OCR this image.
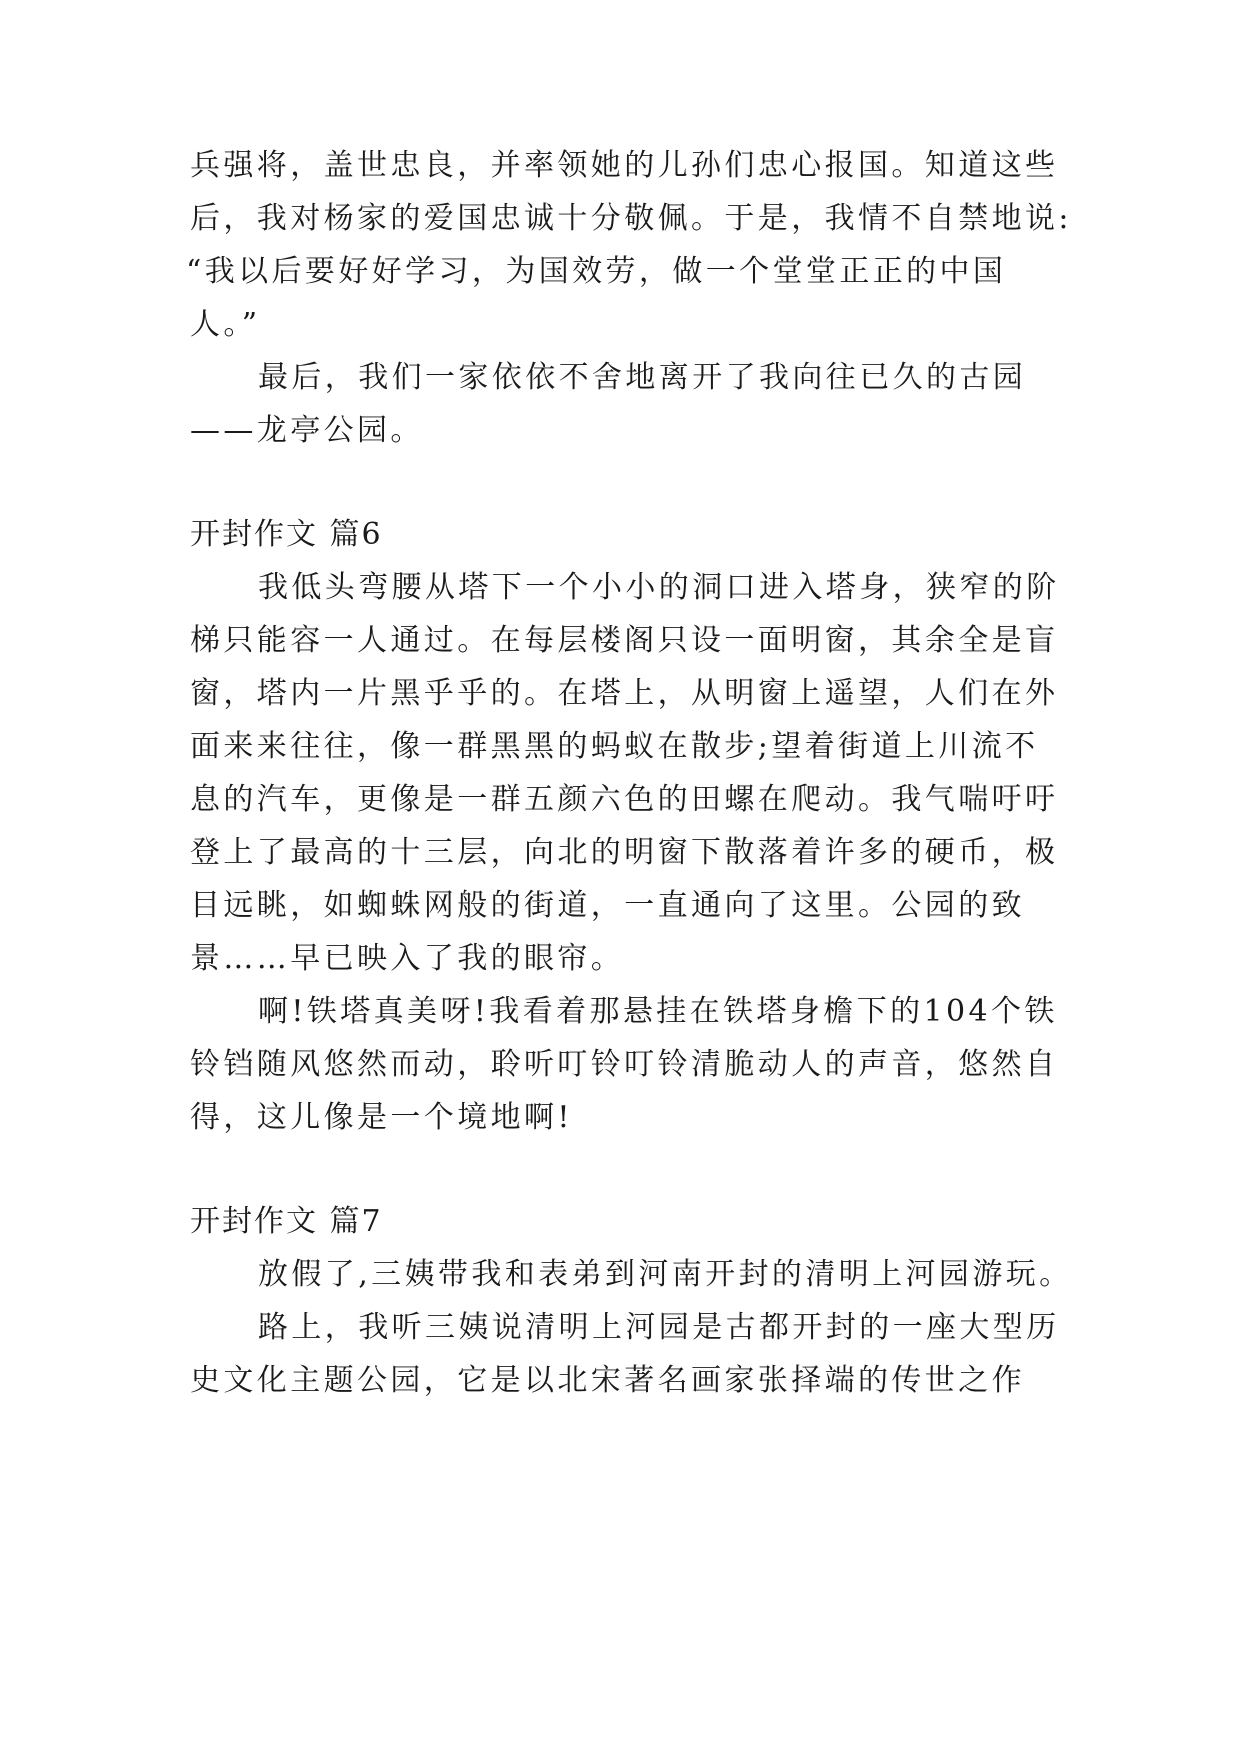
兵强将，盖世忠良，并率领她的儿孙们忠心报国。知道这些
后，我对杨家的爱国忠诚十分敬佩。于是，我情不自禁地说:
“我以后要好好学习，为国效劳，做一个堂堂正正的中国
人。”
最后，我们一家依依不舍地离开了我向往已久的古园
——龙亭公园。
开封作文 篇6
我低头弯腰从塔下一个小小的洞口进入塔身，狭窄的阶
梯只能容一人通过。在每层楼阁只设一面明窗，其余全是盲
窗，塔内一片黑乎乎的。在塔上，从明窗上遥望，人们在外
面来来往往，像一群黑黑的蚂蚁在散步;望着街道上川流不
息的汽车，更像是一群五颜六色的田螺在爬动。我气喘吁吁
登上了最高的十三层，向北的明窗下散落着许多的硬币，极
目远眺，如蜘蛛网般的街道，一直通向了这里。公园的致
景……早已映入了我的眼帘。
啊!铁塔真美呀!我看着那悬挂在铁塔身檐下的104个铁
铃铛随风悠然而动，聆听叮铃叮铃清脆动人的声音，悠然自
得，这儿像是一个境地啊!
开封作文 篇7
放假了,三姨带我和表弟到河南开封的清明上河园游玩。
路上，我听三姨说清明上河园是古都开封的一座大型历
史文化主题公园，它是以北宋著名画家张择端的传世之作
